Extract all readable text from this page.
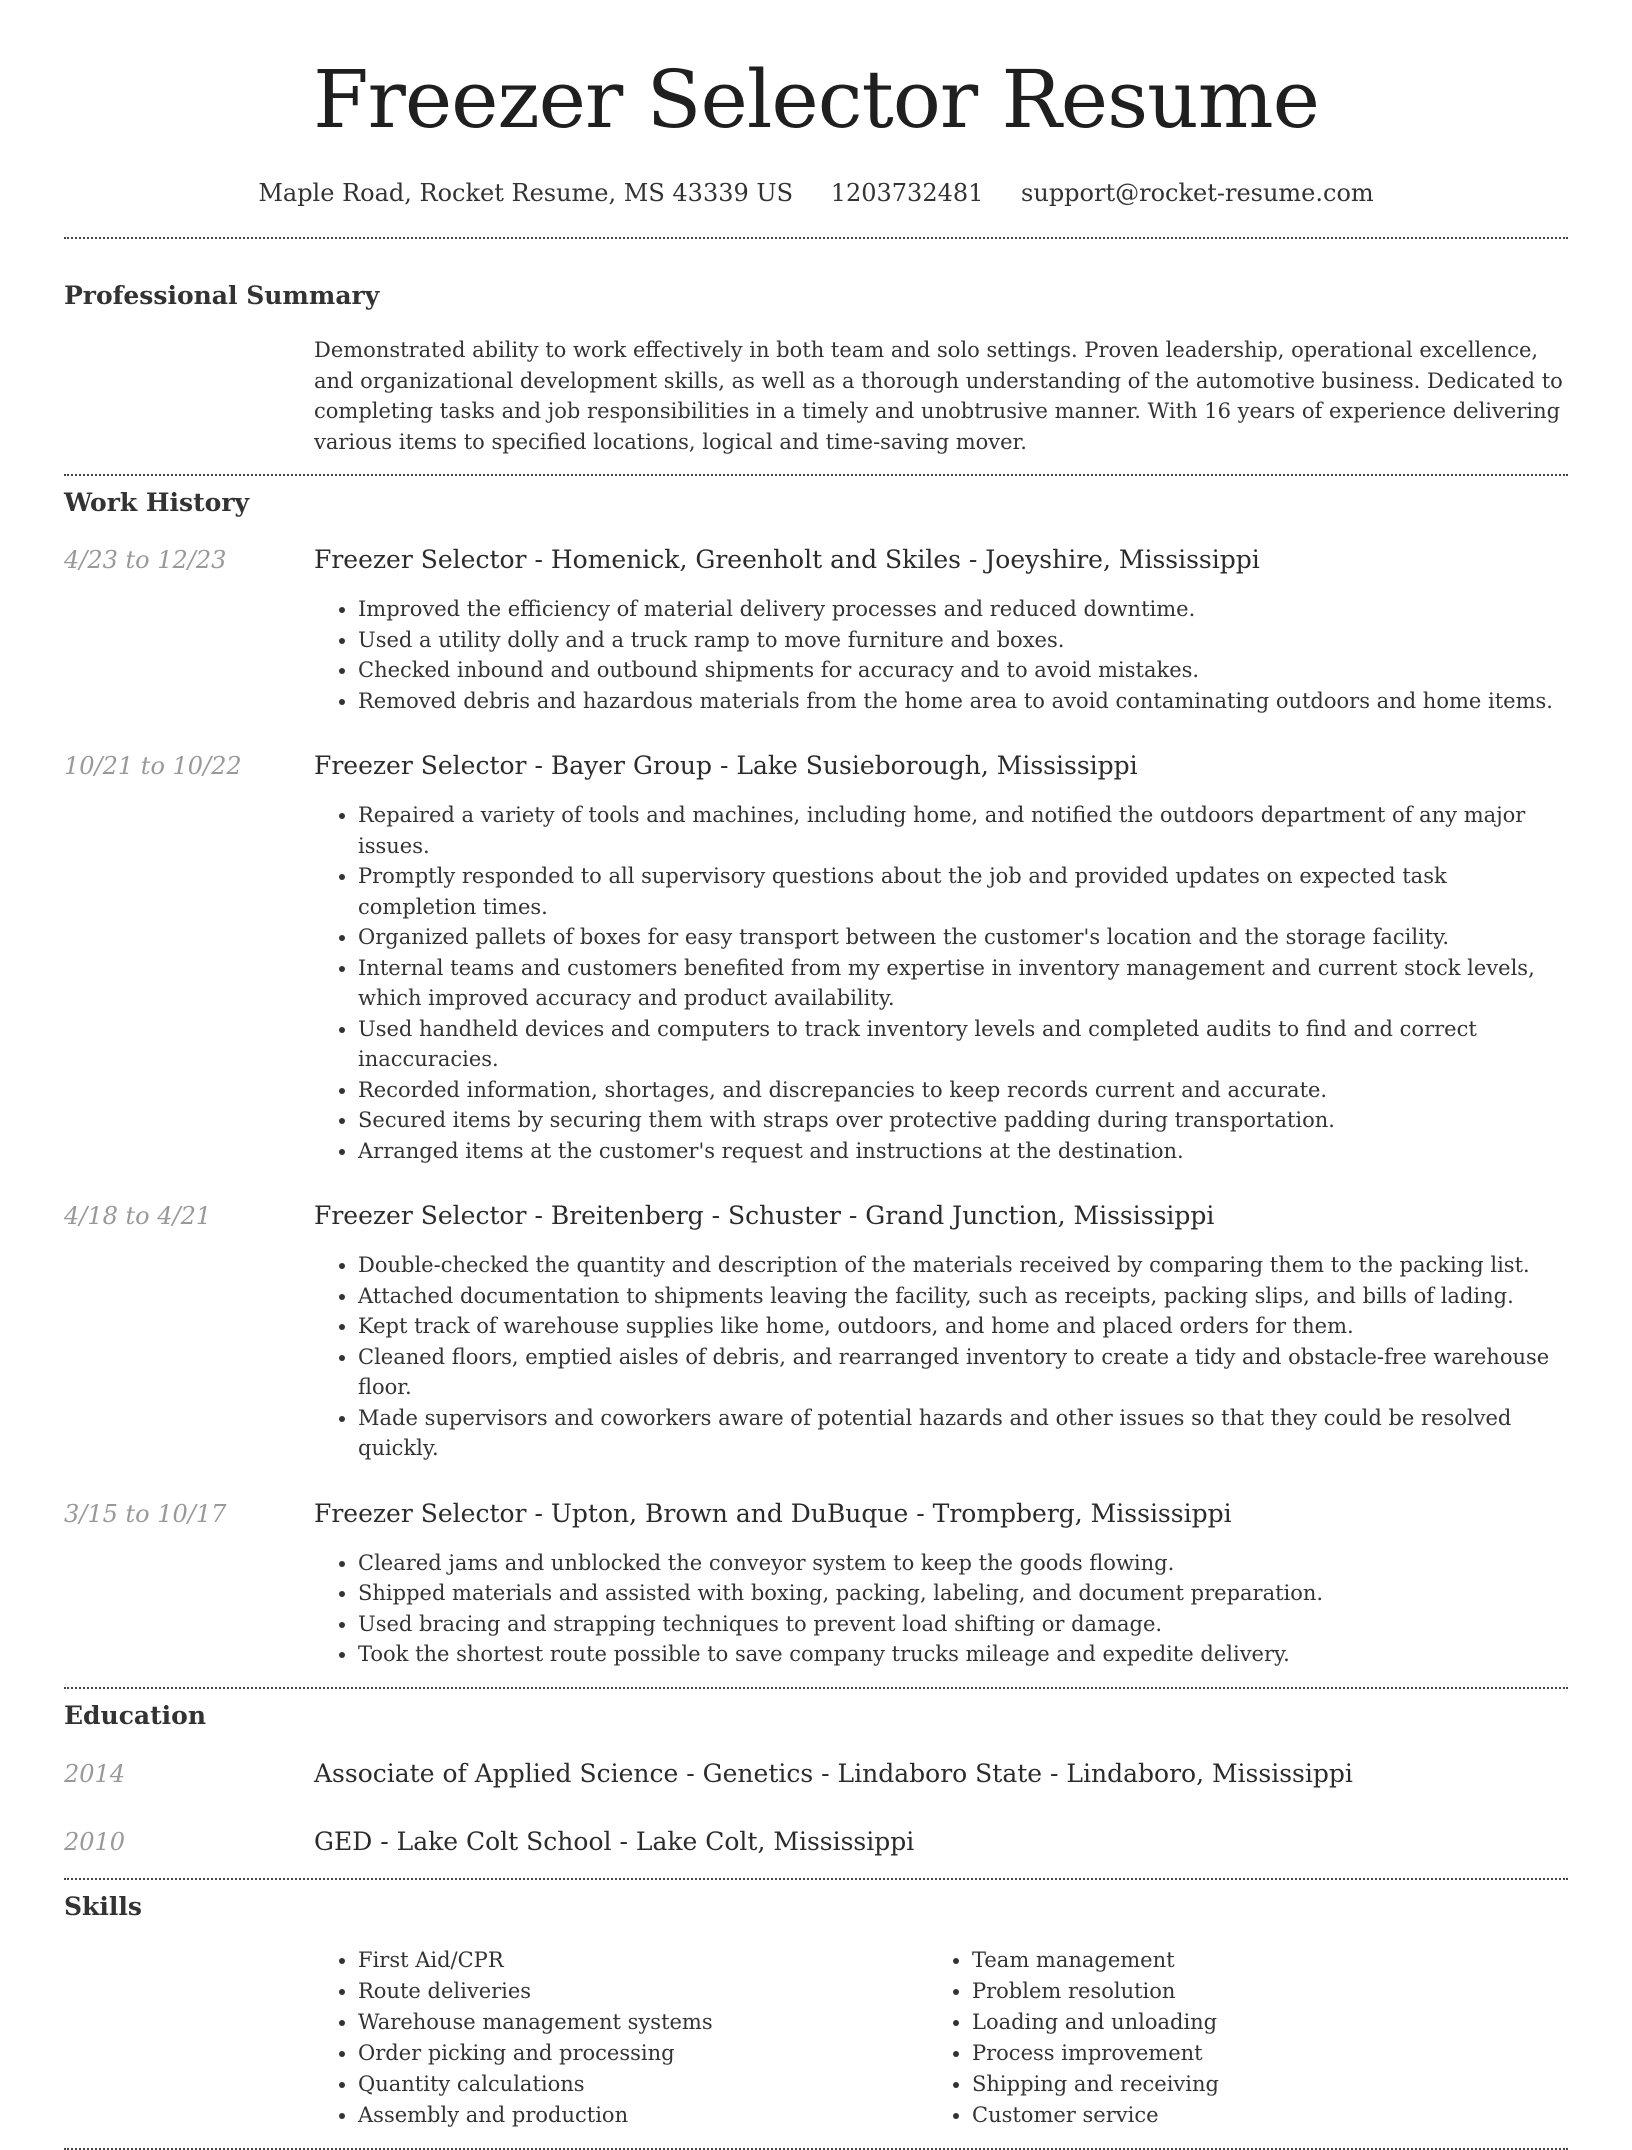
Freezer Selector Resume
Maple Road, Rocket Resume, MS 43339 US 1203732481 support@rocket-resume.com
Professional Summary

Demonstrated ability to work effectively in both team and solo settings. Proven leadership, operational excellence, and organizational development skills, as well as a thorough understanding of the automotive business. Dedicated to completing tasks and job responsibilities in a timely and unobtrusive manner. With 16 years of experience delivering various items to specified locations, logical and time-saving mover.

Work History
4/23 to 12/23	Freezer Selector - Homenick, Greenholt and Skiles - Joeyshire, Mississippi
• Improved the efficiency of material delivery processes and reduced downtime.
• Used a utility dolly and a truck ramp to move furniture and boxes.
• Checked inbound and outbound shipments for accuracy and to avoid mistakes.
• Removed debris and hazardous materials from the home area to avoid contaminating outdoors and home items.
10/21 to 10/22	Freezer Selector - Bayer Group - Lake Susieborough, Mississippi
• Repaired a variety of tools and machines, including home, and notified the outdoors department of any major issues.
• Promptly responded to all supervisory questions about the job and provided updates on expected task completion times.
• Organized pallets of boxes for easy transport between the customer's location and the storage facility.
• Internal teams and customers benefited from my expertise in inventory management and current stock levels, which improved accuracy and product availability.
• Used handheld devices and computers to track inventory levels and completed audits to find and correct inaccuracies.
• Recorded information, shortages, and discrepancies to keep records current and accurate.
• Secured items by securing them with straps over protective padding during transportation.
• Arranged items at the customer's request and instructions at the destination.
4/18 to 4/21	Freezer Selector - Breitenberg - Schuster - Grand Junction, Mississippi
• Double-checked the quantity and description of the materials received by comparing them to the packing list.
• Attached documentation to shipments leaving the facility, such as receipts, packing slips, and bills of lading.
• Kept track of warehouse supplies like home, outdoors, and home and placed orders for them.
• Cleaned floors, emptied aisles of debris, and rearranged inventory to create a tidy and obstacle-free warehouse floor.
• Made supervisors and coworkers aware of potential hazards and other issues so that they could be resolved quickly.
3/15 to 10/17	Freezer Selector - Upton, Brown and DuBuque - Trompberg, Mississippi
• Cleared jams and unblocked the conveyor system to keep the goods flowing.
• Shipped materials and assisted with boxing, packing, labeling, and document preparation.
• Used bracing and strapping techniques to prevent load shifting or damage.
• Took the shortest route possible to save company trucks mileage and expedite delivery.
Education
2014	Associate of Applied Science - Genetics - Lindaboro State - Lindaboro, Mississippi
2010	GED - Lake Colt School - Lake Colt, Mississippi
Skills
• First Aid/CPR
• Route deliveries
• Warehouse management systems
• Order picking and processing
• Quantity calculations
• Assembly and production
• Team management
• Problem resolution
• Loading and unloading
• Process improvement
• Shipping and receiving
• Customer service
